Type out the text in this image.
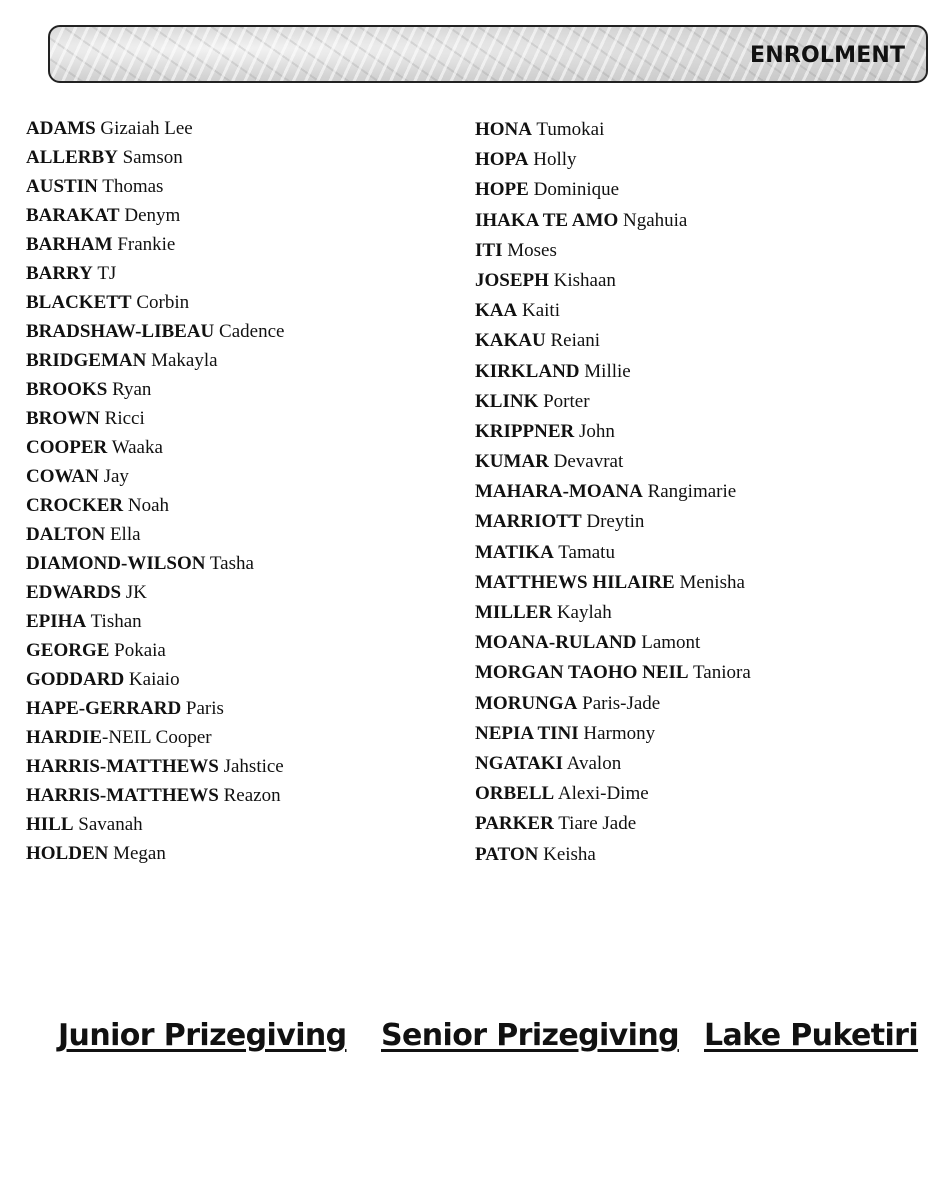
ENROLMENT
ADAMS Gizaiah Lee
ALLERBY Samson
AUSTIN Thomas
BARAKAT Denym
BARHAM Frankie
BARRY TJ
BLACKETT Corbin
BRADSHAW-LIBEAU Cadence
BRIDGEMAN Makayla
BROOKS Ryan
BROWN Ricci
COOPER Waaka
COWAN Jay
CROCKER Noah
DALTON Ella
DIAMOND-WILSON Tasha
EDWARDS JK
EPIHA Tishan
GEORGE Pokaia
GODDARD Kaiaio
HAPE-GERRARD Paris
HARDIE-NEIL Cooper
HARRIS-MATTHEWS Jahstice
HARRIS-MATTHEWS Reazon
HILL Savanah
HOLDEN Megan
HONA Tumokai
HOPA Holly
HOPE Dominique
IHAKA TE AMO Ngahuia
ITI Moses
JOSEPH Kishaan
KAA Kaiti
KAKAU Reiani
KIRKLAND Millie
KLINK Porter
KRIPPNER John
KUMAR Devavrat
MAHARA-MOANA Rangimarie
MARRIOTT Dreytin
MATIKA Tamatu
MATTHEWS HILAIRE Menisha
MILLER Kaylah
MOANA-RULAND Lamont
MORGAN TAOHO NEIL Taniora
MORUNGA Paris-Jade
NEPIA TINI Harmony
NGATAKI Avalon
ORBELL Alexi-Dime
PARKER Tiare Jade
PATON Keisha
Junior Prizegiving Senior Prizegiving Lake Puketiri
